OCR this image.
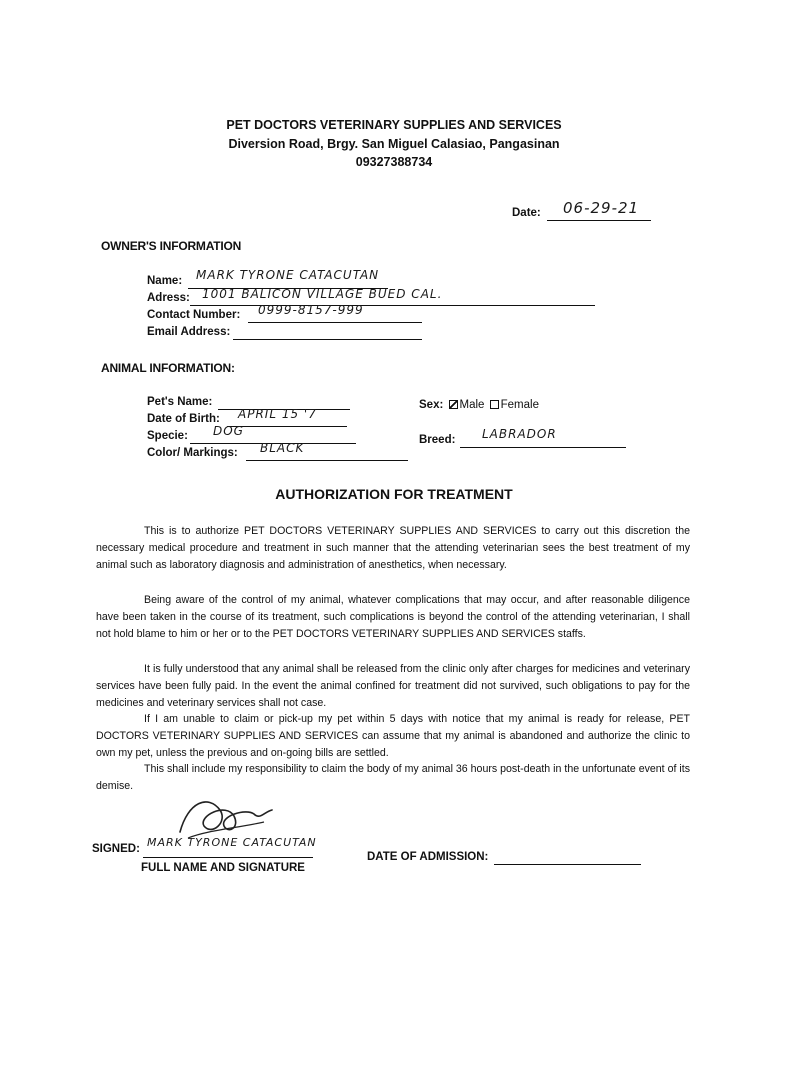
PET DOCTORS VETERINARY SUPPLIES AND SERVICES
Diversion Road, Brgy. San Miguel Calasiao, Pangasinan
09327388734
Date: 06-29-21
OWNER'S INFORMATION
Name: MARK TYRONE CATACUTAN
Adress: 1001 BALICON VILLAGE BUED CAL.
Contact Number: 0999-8157-999
Email Address:
ANIMAL INFORMATION:
Pet's Name:
Date of Birth: APRIL 15 '7
Specie: DOG
Color/ Markings: BLACK
Sex: Male Female
Breed: LABRADOR
AUTHORIZATION FOR TREATMENT
This is to authorize PET DOCTORS VETERINARY SUPPLIES AND SERVICES to carry out this discretion the necessary medical procedure and treatment in such manner that the attending veterinarian sees the best treatment of my animal such as laboratory diagnosis and administration of anesthetics, when necessary.
Being aware of the control of my animal, whatever complications that may occur, and after reasonable diligence have been taken in the course of its treatment, such complications is beyond the control of the attending veterinarian, I shall not hold blame to him or her or to the PET DOCTORS VETERINARY SUPPLIES AND SERVICES staffs.
It is fully understood that any animal shall be released from the clinic only after charges for medicines and veterinary services have been fully paid. In the event the animal confined for treatment did not survived, such obligations to pay for the medicines and veterinary services shall not case.
If I am unable to claim or pick-up my pet within 5 days with notice that my animal is ready for release, PET DOCTORS VETERINARY SUPPLIES AND SERVICES can assume that my animal is abandoned and authorize the clinic to own my pet, unless the previous and on-going bills are settled.
This shall include my responsibility to claim the body of my animal 36 hours post-death in the unfortunate event of its demise.
SIGNED: MARK TYRONE CATACUTAN
FULL NAME AND SIGNATURE
DATE OF ADMISSION:
